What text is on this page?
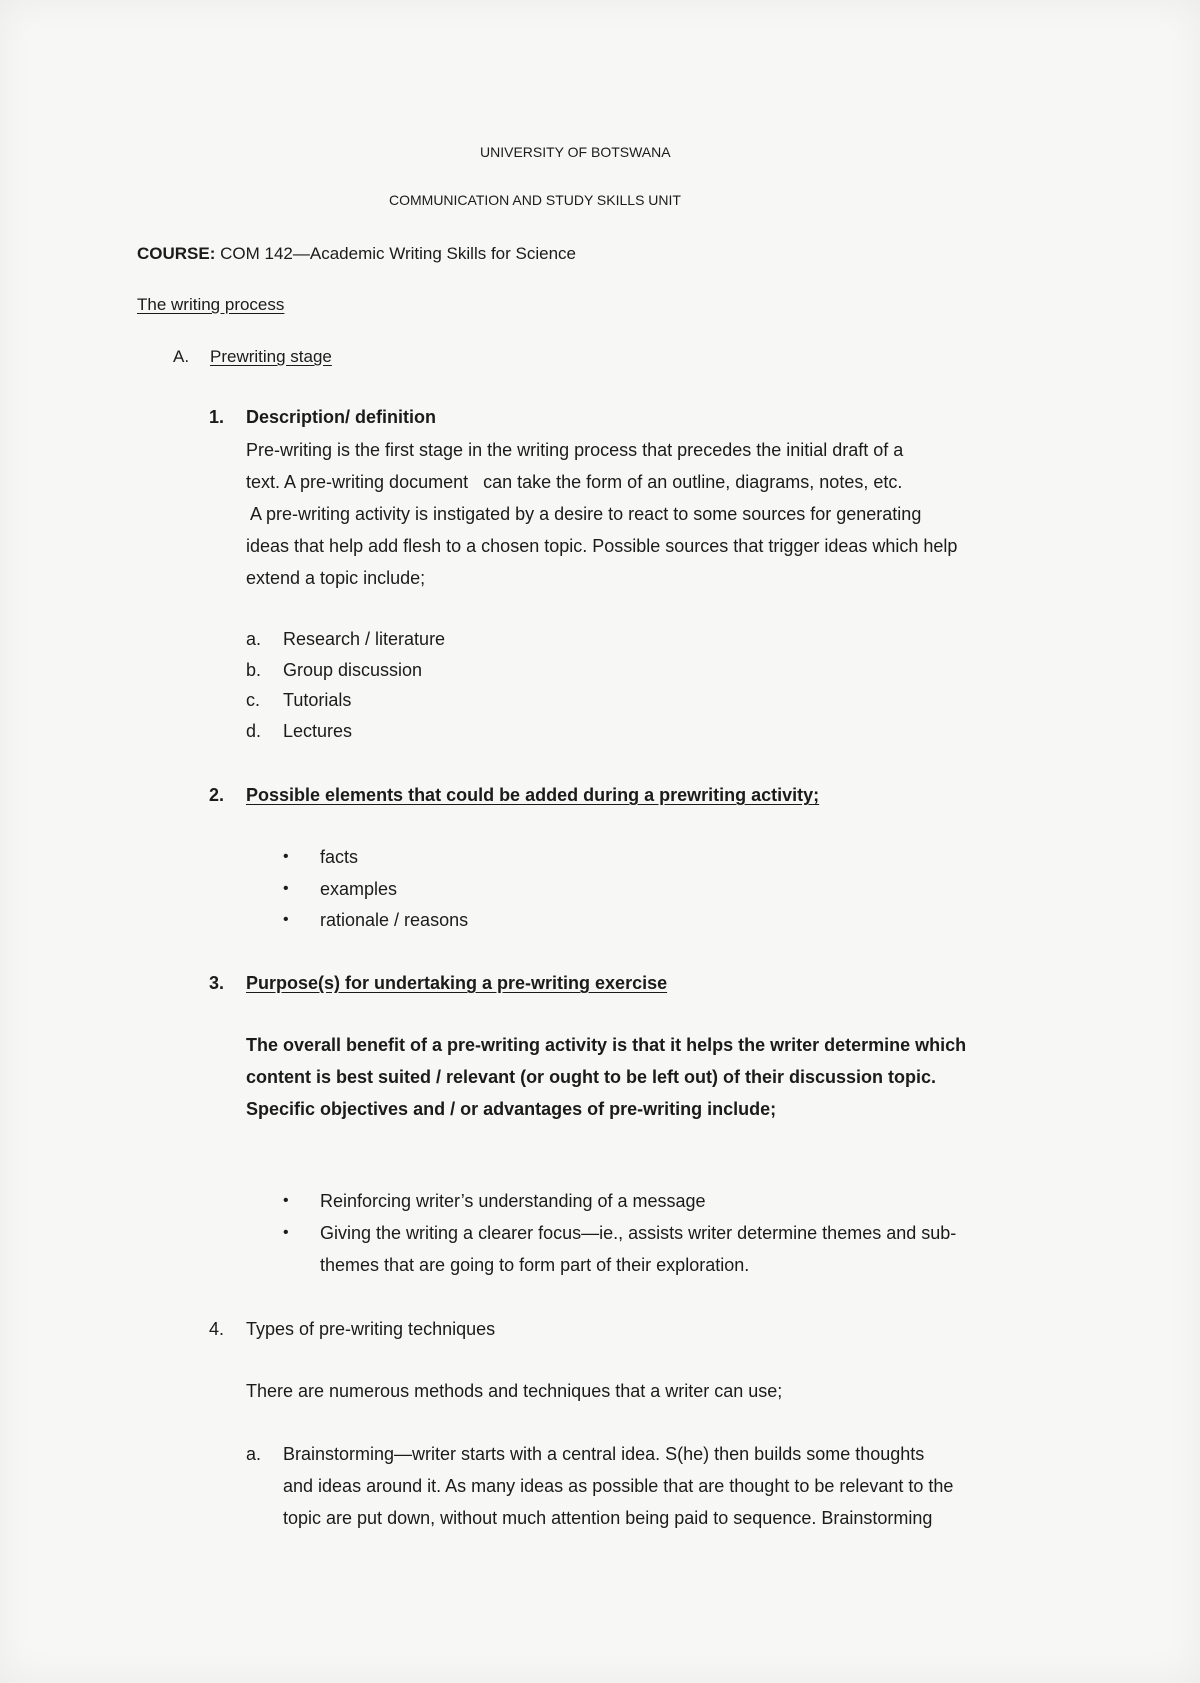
UNIVERSITY OF BOTSWANA
COMMUNICATION AND STUDY SKILLS UNIT
COURSE: COM 142—Academic Writing Skills for Science
The writing process
A. Prewriting stage
1. Description/ definition
Pre-writing is the first stage in the writing process that precedes the initial draft of a
text. A pre-writing document   can take the form of an outline, diagrams, notes, etc.
A pre-writing activity is instigated by a desire to react to some sources for generating
ideas that help add flesh to a chosen topic. Possible sources that trigger ideas which help
extend a topic include;
a. Research / literature
b. Group discussion
c. Tutorials
d. Lectures
2. Possible elements that could be added during a prewriting activity;
• facts
• examples
• rationale / reasons
3. Purpose(s) for undertaking a pre-writing exercise
The overall benefit of a pre-writing activity is that it helps the writer determine which
content is best suited / relevant (or ought to be left out) of their discussion topic.
Specific objectives and / or advantages of pre-writing include;
• Reinforcing writer’s understanding of a message
• Giving the writing a clearer focus—ie., assists writer determine themes and sub-
themes that are going to form part of their exploration.
4. Types of pre-writing techniques
There are numerous methods and techniques that a writer can use;
a. Brainstorming—writer starts with a central idea. S(he) then builds some thoughts
and ideas around it. As many ideas as possible that are thought to be relevant to the
topic are put down, without much attention being paid to sequence. Brainstorming
